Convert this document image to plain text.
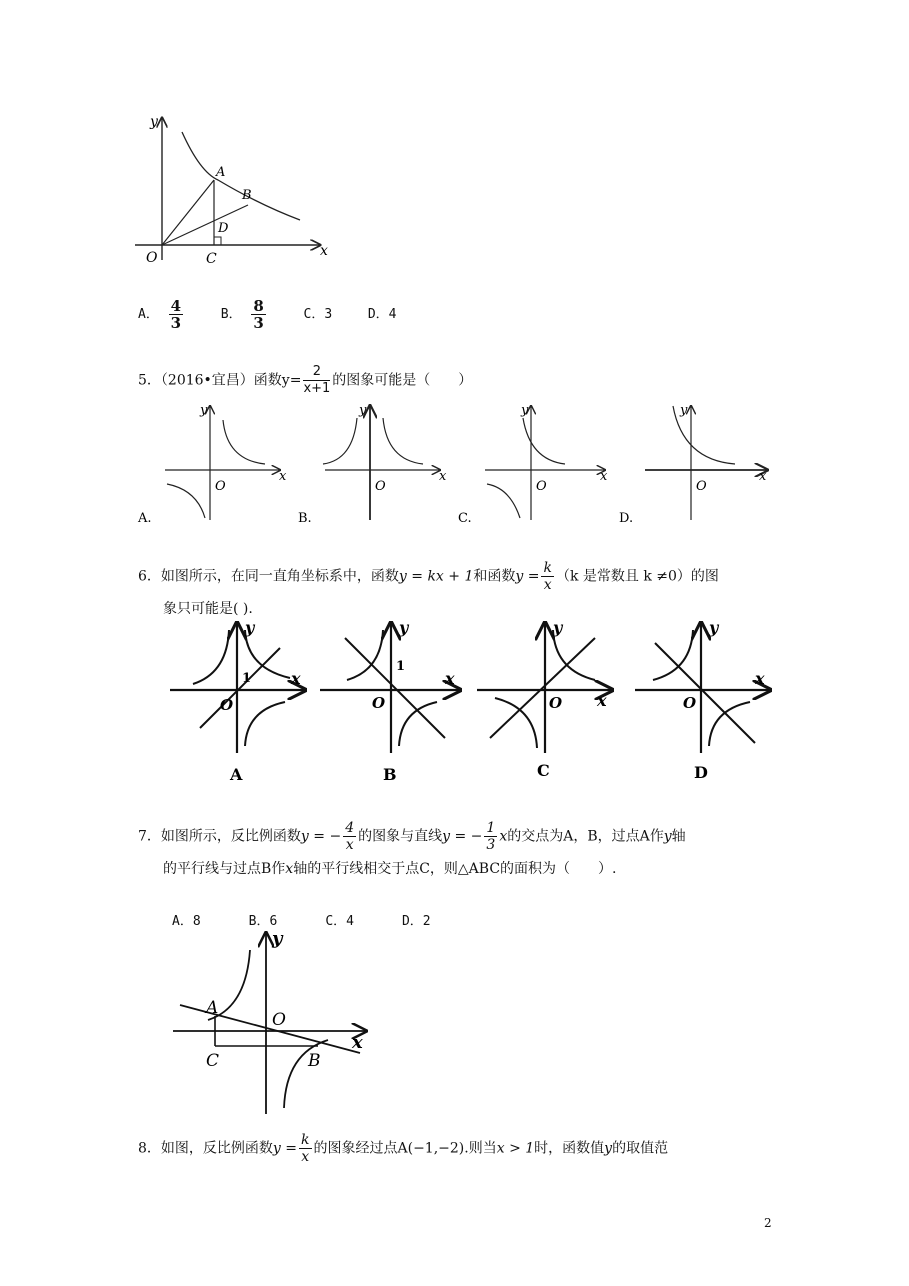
y
x
O	C
A
B
D
A． $\frac{4}{3}$	B． $\frac{8}{3}$	C．3	D．4
5．（2016•宜昌）函数$y= \frac{2}{x+1}$ 的图象可能是（　　）
y
x
O
A.
y
x
O
B.
y
x
O
C.
y
x
O
D.
6．如图所示，在同一直角坐标系中，函数y = kx + 1和函数$y = \frac{k}{x} (k$ 是常数且 k ≠0）的图
象只可能是( ).
y
x
O
1
A
y
x
O
1
B
y
x
O
C
y
x
O
D
7．如图所示，反比例函数y = − $\frac{4}{x}$ 的图象与直线y = − $\frac{1}{3}$ x的交点为A，B，过点A作y轴
的平行线与过点B作x轴的平行线相交于点C，则△ABC的面积为（　　）.
A．8	B．6	C．4	D．2
y
x
O
A
B
C
8．如图，反比例函数$y = \frac{k}{x}$ 的图象经过点A(−1,−2).则当x > 1时，函数值y的取值范
2
